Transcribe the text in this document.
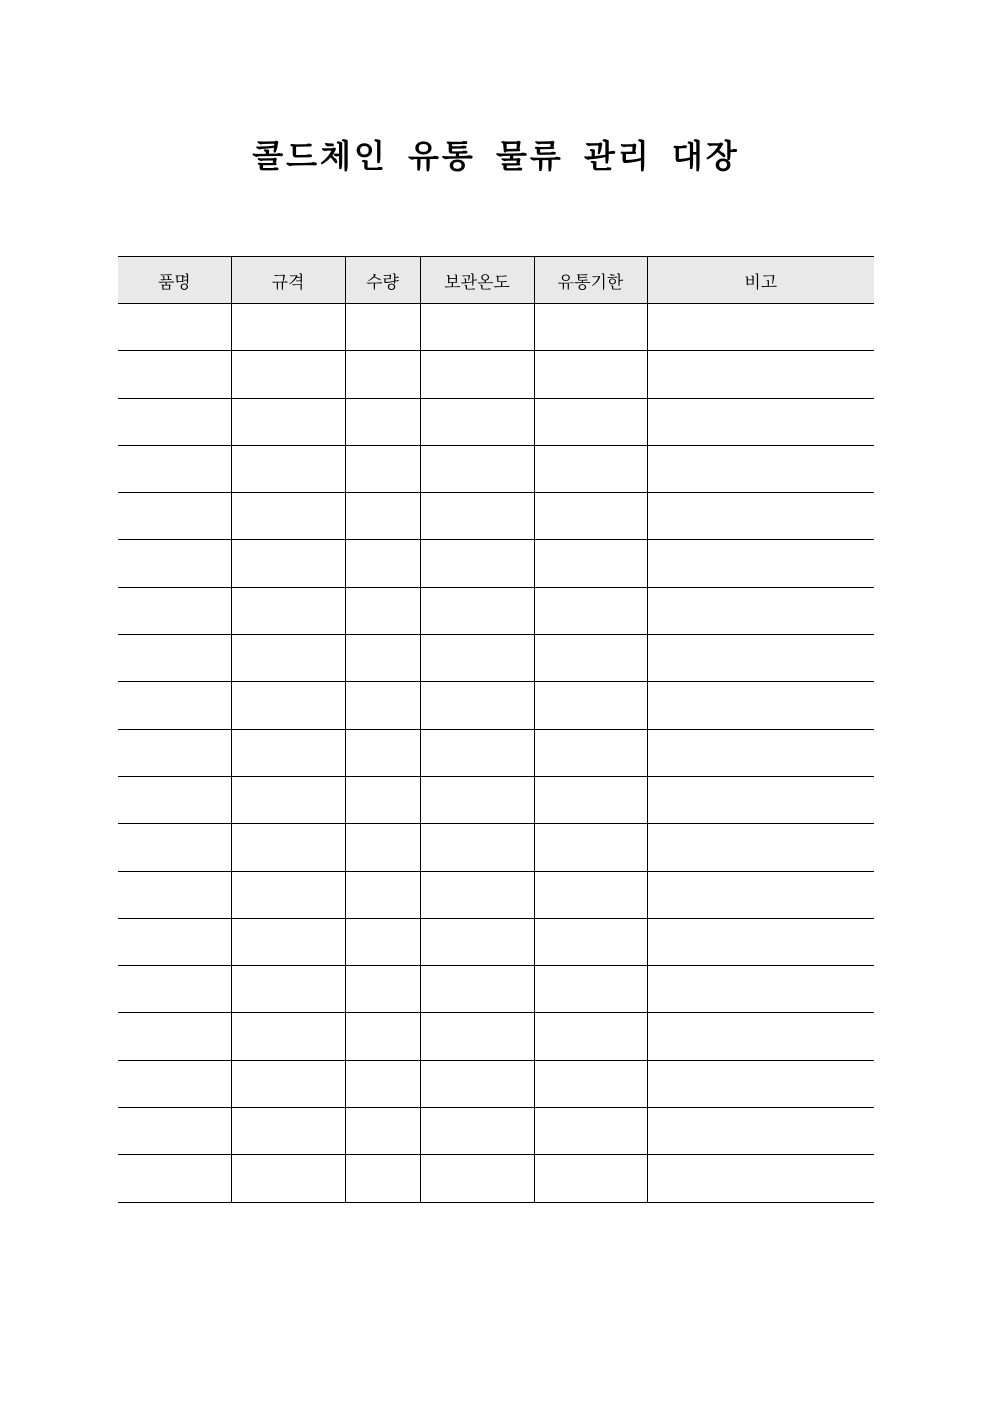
콜드체인 유통 물류 관리 대장
품명	규격	수량	보관온도	유통기한	비고
